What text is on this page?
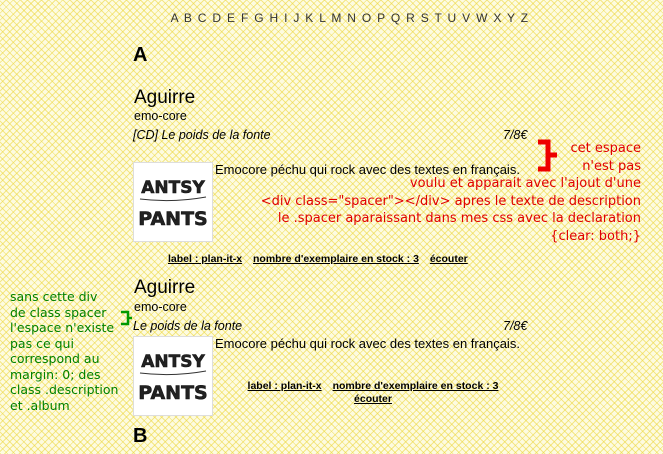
A B C D E F G H I J K L M N O P Q R S T U V W X Y Z
A
Aguirre
emo-core
[CD] Le poids de la fonte	7/8€
ANTSY
PANTS
Emocore péchu qui rock avec des textes en français.
label : plan-it-x nombre d'exemplaire en stock : 3 écouter
Aguirre
emo-core
Le poids de la fonte	7/8€
ANTSY
PANTS
Emocore péchu qui rock avec des textes en français.
label : plan-it-x nombre d'exemplaire en stock : 3
écouter
B
cet espace
n'est pas
voulu et apparait avec l'ajout d'une
<div class="spacer"></div> apres le texte de description
le .spacer aparaissant dans mes css avec la declaration
{clear: both;}
sans cette div
de class spacer
l'espace n'existe
pas ce qui
correspond au
margin: 0; des
class .description
et .album
